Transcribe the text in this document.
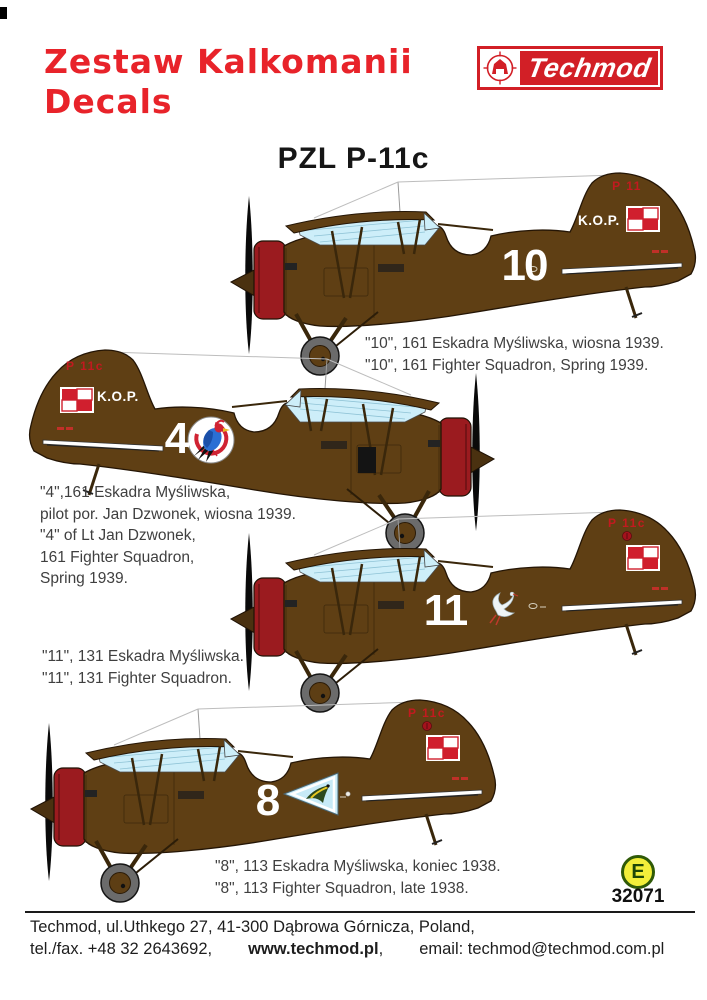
Zestaw Kalkomanii
Decals
Techmod
PZL P-11c
10
P 11
K.O.P.
4
P 11c
K.O.P.
11
P 11c
8
P 11c
"10", 161 Eskadra Myśliwska, wiosna 1939.
"10", 161 Fighter Squadron, Spring 1939.
"4",161 Eskadra Myśliwska,
pilot por. Jan Dzwonek, wiosna 1939.
"4" of Lt Jan Dzwonek,
161 Fighter Squadron,
Spring 1939.
"11", 131 Eskadra Myśliwska.
"11", 131 Fighter Squadron.
"8", 113 Eskadra Myśliwska, koniec 1938.
"8", 113 Fighter Squadron, late 1938.
E
32071
Techmod, ul.Uthkego 27, 41-300 Dąbrowa Górnicza, Poland,
tel./fax. +48 32 2643692, www.techmod.pl, email: techmod@techmod.com.pl
